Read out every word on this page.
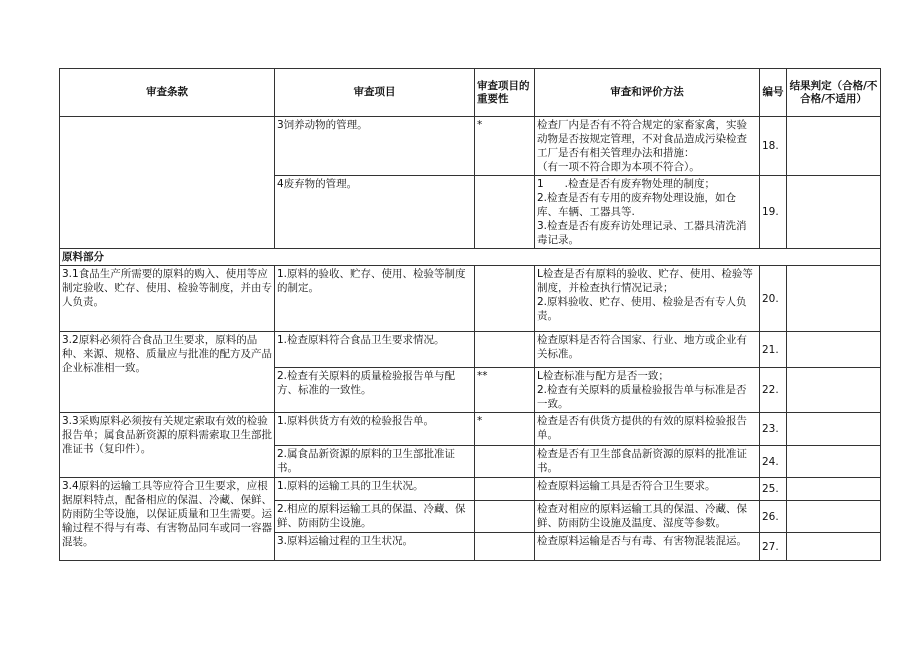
审查条款	审查项目	审查项目的重要性	审查和评价方法	编号	结果判定（合格/不合格/不适用）

	3饲养动物的管理。	*	检查厂内是否有不符合规定的家畜家禽，实验动物是否按规定管理，不对食品造成污染检查工厂是否有相关管理办法和措施：
（有一项不符合即为本项不符合）。	18.	

	4废弃物的管理。		1　　.检查是否有废弃物处理的制度；
2.检查是否有专用的废弃物处理设施，如仓库、车辆、工器具等.
3.检查是否有废弃访处理记录、工器具清洗消毒记录。	19.	

原料部分					

3.1食品生产所需要的原料的购入、使用等应制定验收、贮存、使用、检验等制度，并由专人负责。	1.原料的验收、贮存、使用、检验等制度的制定。		L检查是否有原料的验收、贮存、使用、检验等制度，并检查执行情况记录；
2.原料验收、贮存、使用、检验是否有专人负责。	20.	

3.2原料必须符合食品卫生要求，原料的品种、来源、规格、质量应与批准的配方及产品企业标准相一致。	1.检查原料符合食品卫生要求情况。		检查原料是否符合国家、行业、地方或企业有关标准。	21.	

	2.检查有关原料的质量检验报告单与配方、标准的一致性。	**	L检查标准与配方是否一致；
2.检查有关原料的质量检验报告单与标准是否一致。	22.	

3.3采购原料必须按有关规定索取有效的检验报告单；属食品新资源的原料需索取卫生部批准证书（复印件）。	1.原料供货方有效的检验报告单。	*	检查是否有供货方提供的有效的原料检验报告单。	23.	

	2.属食品新资源的原料的卫生部批准证书。		检查是否有卫生部食品新资源的原料的批准证书。	24.	

3.4原料的运输工具等应符合卫生要求，应根据原料特点，配备相应的保温、冷藏、保鲜、防雨防尘等设施，以保证质量和卫生需要。运输过程不得与有毒、有害物品同车或同一容器混装。	1.原料的运输工具的卫生状况。		检查原料运输工具是否符合卫生要求。	25.	

	2.相应的原料运输工具的保温、冷藏、保鲜、防雨防尘设施。		检查对相应的原料运输工具的保温、冷藏、保鲜、防雨防尘设施及温度、湿度等参数。	26.	

	3.原料运输过程的卫生状况。		检查原料运输是否与有毒、有害物混装混运。	27.	
